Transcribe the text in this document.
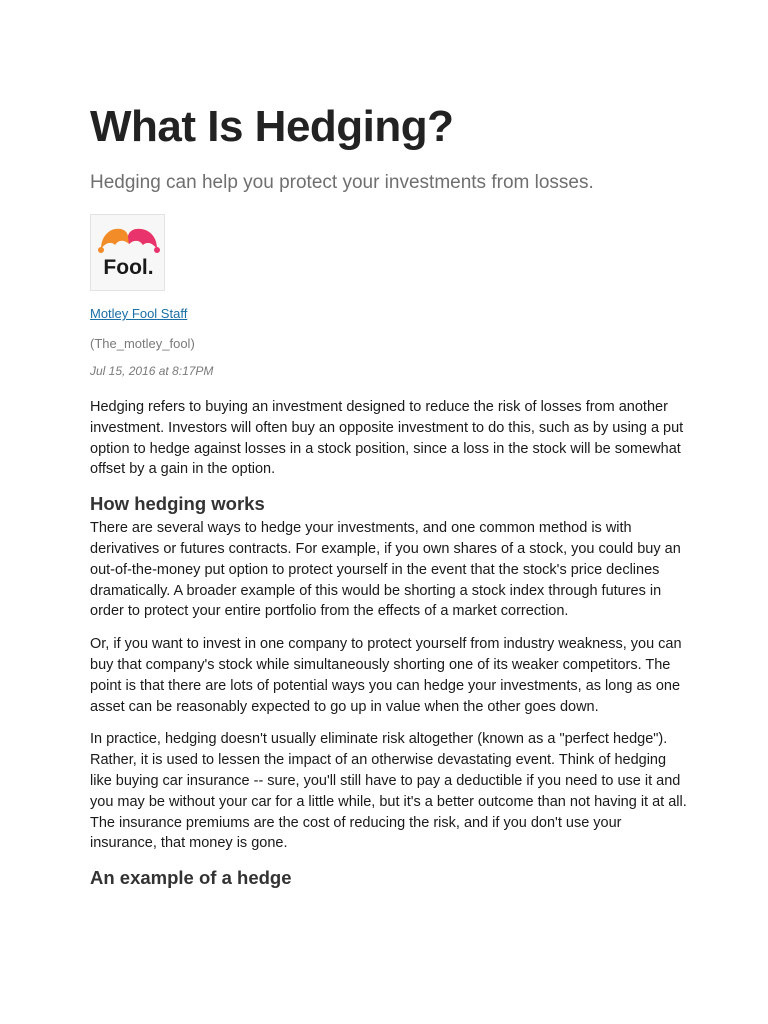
What Is Hedging?

Hedging can help you protect your investments from losses.

Fool.
Motley Fool Staff
(The_motley_fool)
Jul 15, 2016 at 8:17PM

Hedging refers to buying an investment designed to reduce the risk of losses from another investment. Investors will often buy an opposite investment to do this, such as by using a put option to hedge against losses in a stock position, since a loss in the stock will be somewhat offset by a gain in the option.

How hedging works

There are several ways to hedge your investments, and one common method is with derivatives or futures contracts. For example, if you own shares of a stock, you could buy an out-of-the-money put option to protect yourself in the event that the stock's price declines dramatically. A broader example of this would be shorting a stock index through futures in order to protect your entire portfolio from the effects of a market correction.

Or, if you want to invest in one company to protect yourself from industry weakness, you can buy that company's stock while simultaneously shorting one of its weaker competitors. The point is that there are lots of potential ways you can hedge your investments, as long as one asset can be reasonably expected to go up in value when the other goes down.

In practice, hedging doesn't usually eliminate risk altogether (known as a "perfect hedge"). Rather, it is used to lessen the impact of an otherwise devastating event. Think of hedging like buying car insurance -- sure, you'll still have to pay a deductible if you need to use it and you may be without your car for a little while, but it's a better outcome than not having it at all. The insurance premiums are the cost of reducing the risk, and if you don't use your insurance, that money is gone.

An example of a hedge
